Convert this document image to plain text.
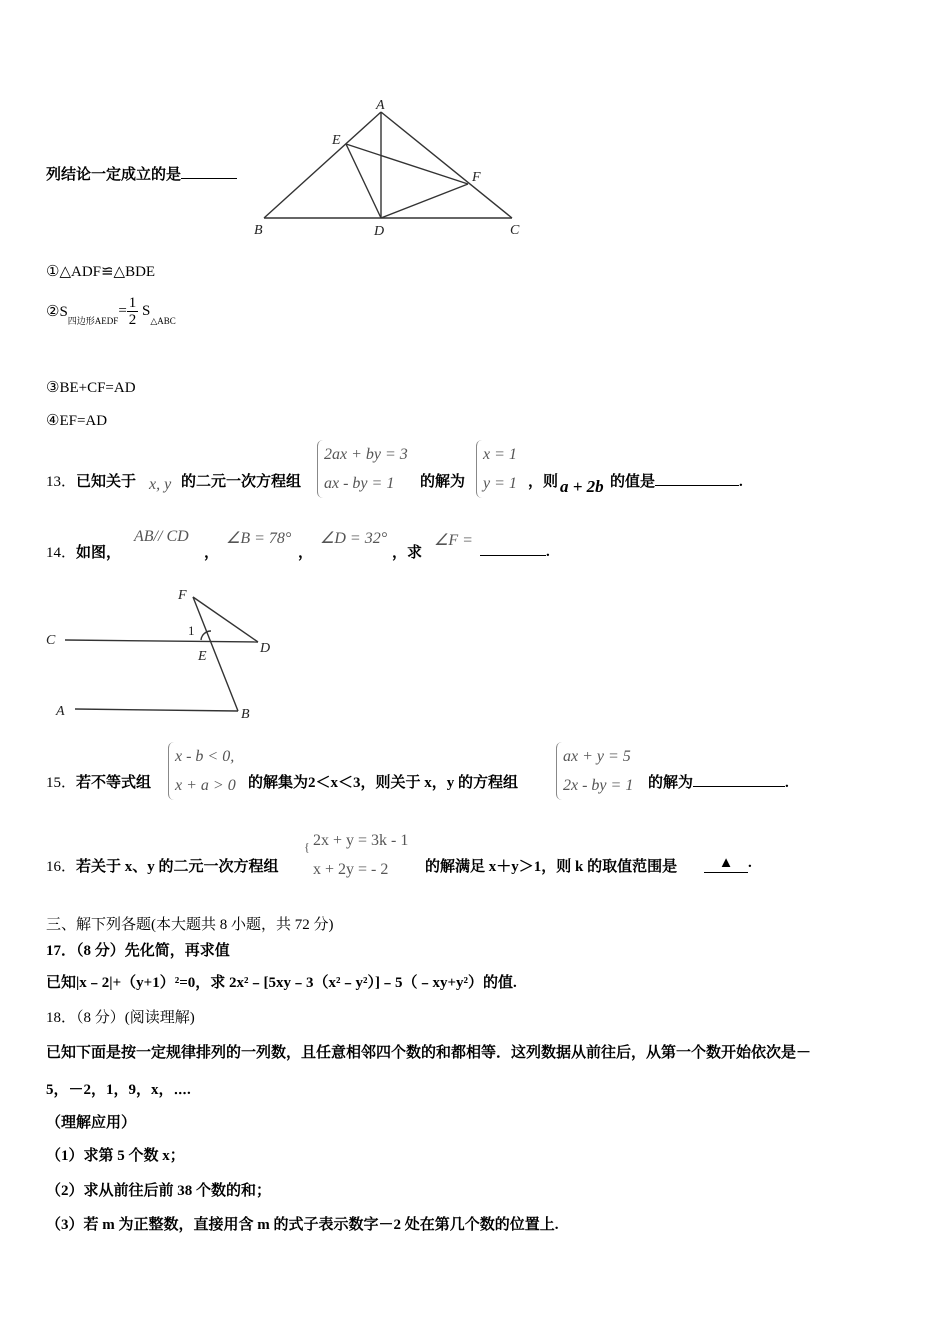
列结论一定成立的是
A
E
F
B	D	C
①△ADF≌△BDE
$②S_{四边形AEDF}= \frac{1}{2} S_{\triangle ABC}$
③BE+CF=AD
④EF=AD
13．已知关于 x, y 的二元一次方程组
2ax + by = 3
ax - by = 1	的解为
x = 1
y = 1 ，则 a + 2b 的值是	.
14．如图，
AB// CD
，
∠B = 78°
，
∠D = 32°
，求
∠F =
.
F
1
C
E
D
A	B
15．若不等式组
x - b < 0,
x + a > 0 的解集为2＜x＜3，则关于 x，y 的方程组
ax + y = 5
2x - by = 1 的解为	.
16．若关于 x、y 的二元一次方程组
{ 2x + y = 3k - 1
x + 2y = - 2	的解满足 x＋y＞1，则 k 的取值范围是	▲ .
三、解下列各题(本大题共 8 小题，共 72 分)
17．（8 分）先化简，再求值
已知|x﹣2|+（y+1）²=0，求 2x²﹣[5xy﹣3（x²﹣y²）]﹣5（﹣xy+y²）的值.
18．（8 分）(阅读理解)
已知下面是按一定规律排列的一列数，且任意相邻四个数的和都相等．这列数据从前往后，从第一个数开始依次是－
5，－2，1，9，x，⋯.
（理解应用）
（1）求第 5 个数 x；
（2）求从前往后前 38 个数的和；
（3）若 m 为正整数，直接用含 m 的式子表示数字－2 处在第几个数的位置上.
